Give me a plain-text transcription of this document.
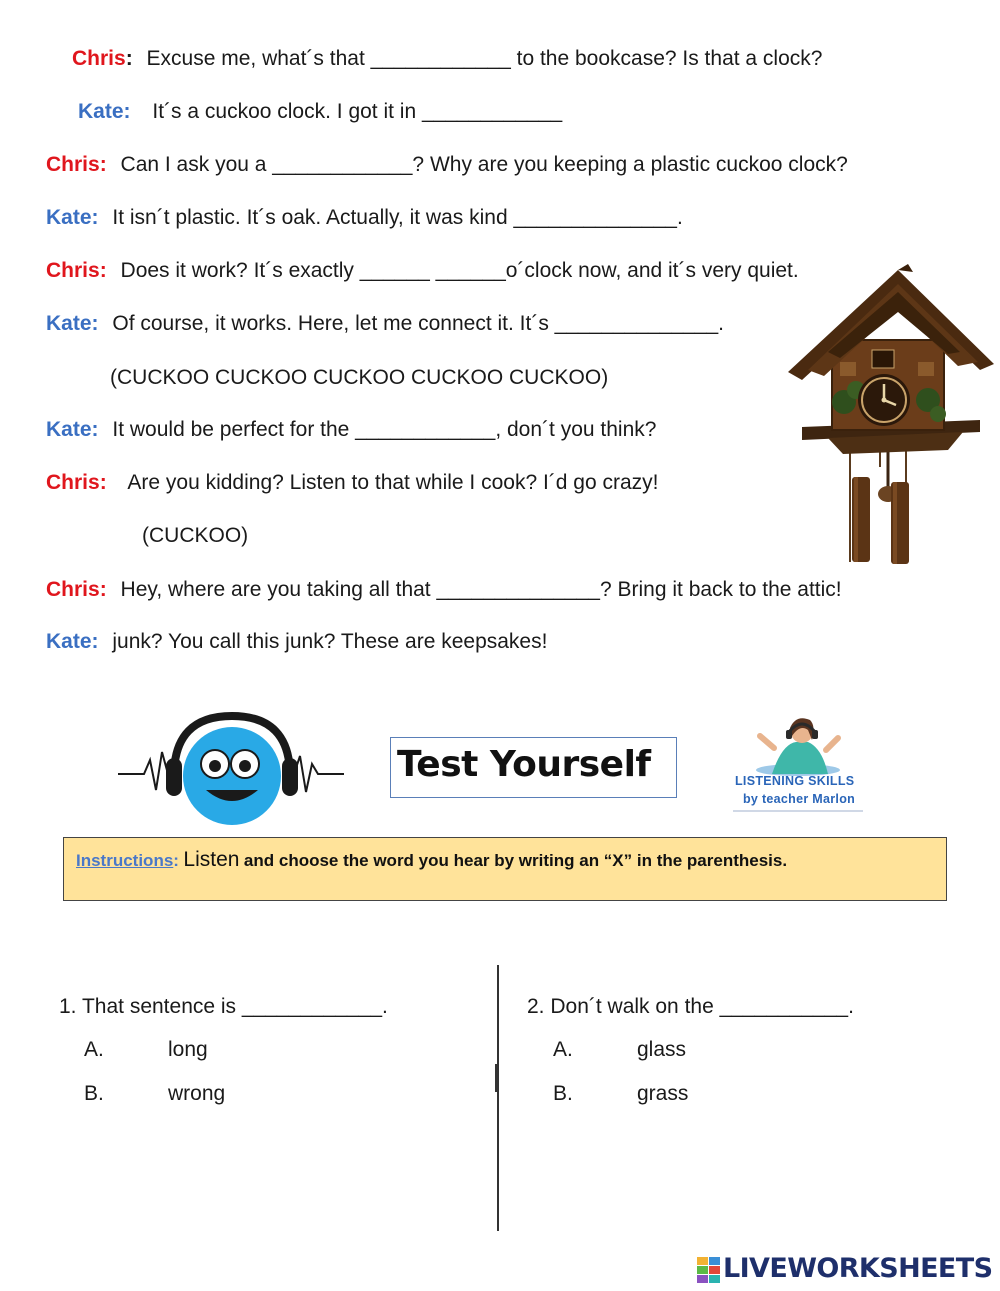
Chris: Excuse me, what´s that ____________ to the bookcase? Is that a clock?
Kate: It´s a cuckoo clock. I got it in ____________
Chris: Can I ask you a ____________? Why are you keeping a plastic cuckoo clock?
Kate: It isn´t plastic. It´s oak. Actually, it was kind ______________.
Chris: Does it work? It´s exactly ______ ______o´clock now, and it´s very quiet.
Kate: Of course, it works. Here, let me connect it. It´s ______________.
(CUCKOO CUCKOO CUCKOO CUCKOO CUCKOO)
Kate: It would be perfect for the ____________, don´t you think?
Chris: Are you kidding? Listen to that while I cook? I´d go crazy!
(CUCKOO)
Chris: Hey, where are you taking all that ______________? Bring it back to the attic!
Kate: junk? You call this junk? These are keepsakes!
Test Yourself	LISTENING SKILLS
by teacher Marlon
Instructions: Listen and choose the word you hear by writing an “X” in the parenthesis.
1. That sentence is ____________.
A.	long
B.	wrong
2. Don´t walk on the ___________.
A.	glass
B.	grass
LIVEWORKSHEETS
